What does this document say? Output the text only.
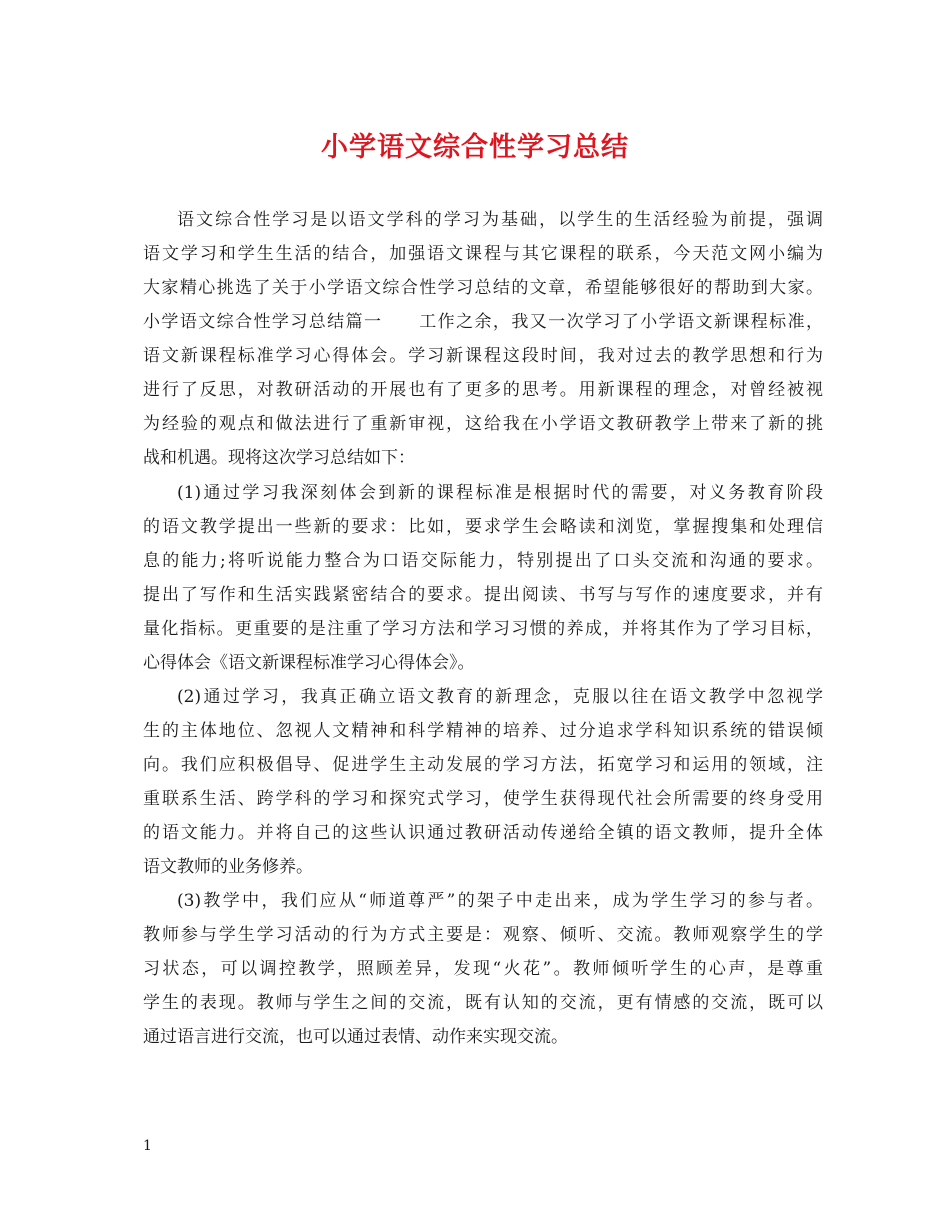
小学语文综合性学习总结
语文综合性学习是以语文学科的学习为基础，以学生的生活经验为前提，强调
语文学习和学生生活的结合，加强语文课程与其它课程的联系，今天范文网小编为
大家精心挑选了关于小学语文综合性学习总结的文章，希望能够很好的帮助到大家。
小学语文综合性学习总结篇一　　工作之余，我又一次学习了小学语文新课程标准，
语文新课程标准学习心得体会。学习新课程这段时间，我对过去的教学思想和行为
进行了反思，对教研活动的开展也有了更多的思考。用新课程的理念，对曾经被视
为经验的观点和做法进行了重新审视，这给我在小学语文教研教学上带来了新的挑
战和机遇。现将这次学习总结如下：
(1)通过学习我深刻体会到新的课程标准是根据时代的需要，对义务教育阶段
的语文教学提出一些新的要求：比如，要求学生会略读和浏览，掌握搜集和处理信
息的能力;将听说能力整合为口语交际能力，特别提出了口头交流和沟通的要求。
提出了写作和生活实践紧密结合的要求。提出阅读、书写与写作的速度要求，并有
量化指标。更重要的是注重了学习方法和学习习惯的养成，并将其作为了学习目标，
心得体会《语文新课程标准学习心得体会》。
(2)通过学习，我真正确立语文教育的新理念，克服以往在语文教学中忽视学
生的主体地位、忽视人文精神和科学精神的培养、过分追求学科知识系统的错误倾
向。我们应积极倡导、促进学生主动发展的学习方法，拓宽学习和运用的领域，注
重联系生活、跨学科的学习和探究式学习，使学生获得现代社会所需要的终身受用
的语文能力。并将自己的这些认识通过教研活动传递给全镇的语文教师，提升全体
语文教师的业务修养。
(3)教学中，我们应从“师道尊严”的架子中走出来，成为学生学习的参与者。
教师参与学生学习活动的行为方式主要是：观察、倾听、交流。教师观察学生的学
习状态，可以调控教学，照顾差异，发现“火花”。教师倾听学生的心声，是尊重
学生的表现。教师与学生之间的交流，既有认知的交流，更有情感的交流，既可以
通过语言进行交流，也可以通过表情、动作来实现交流。
1
